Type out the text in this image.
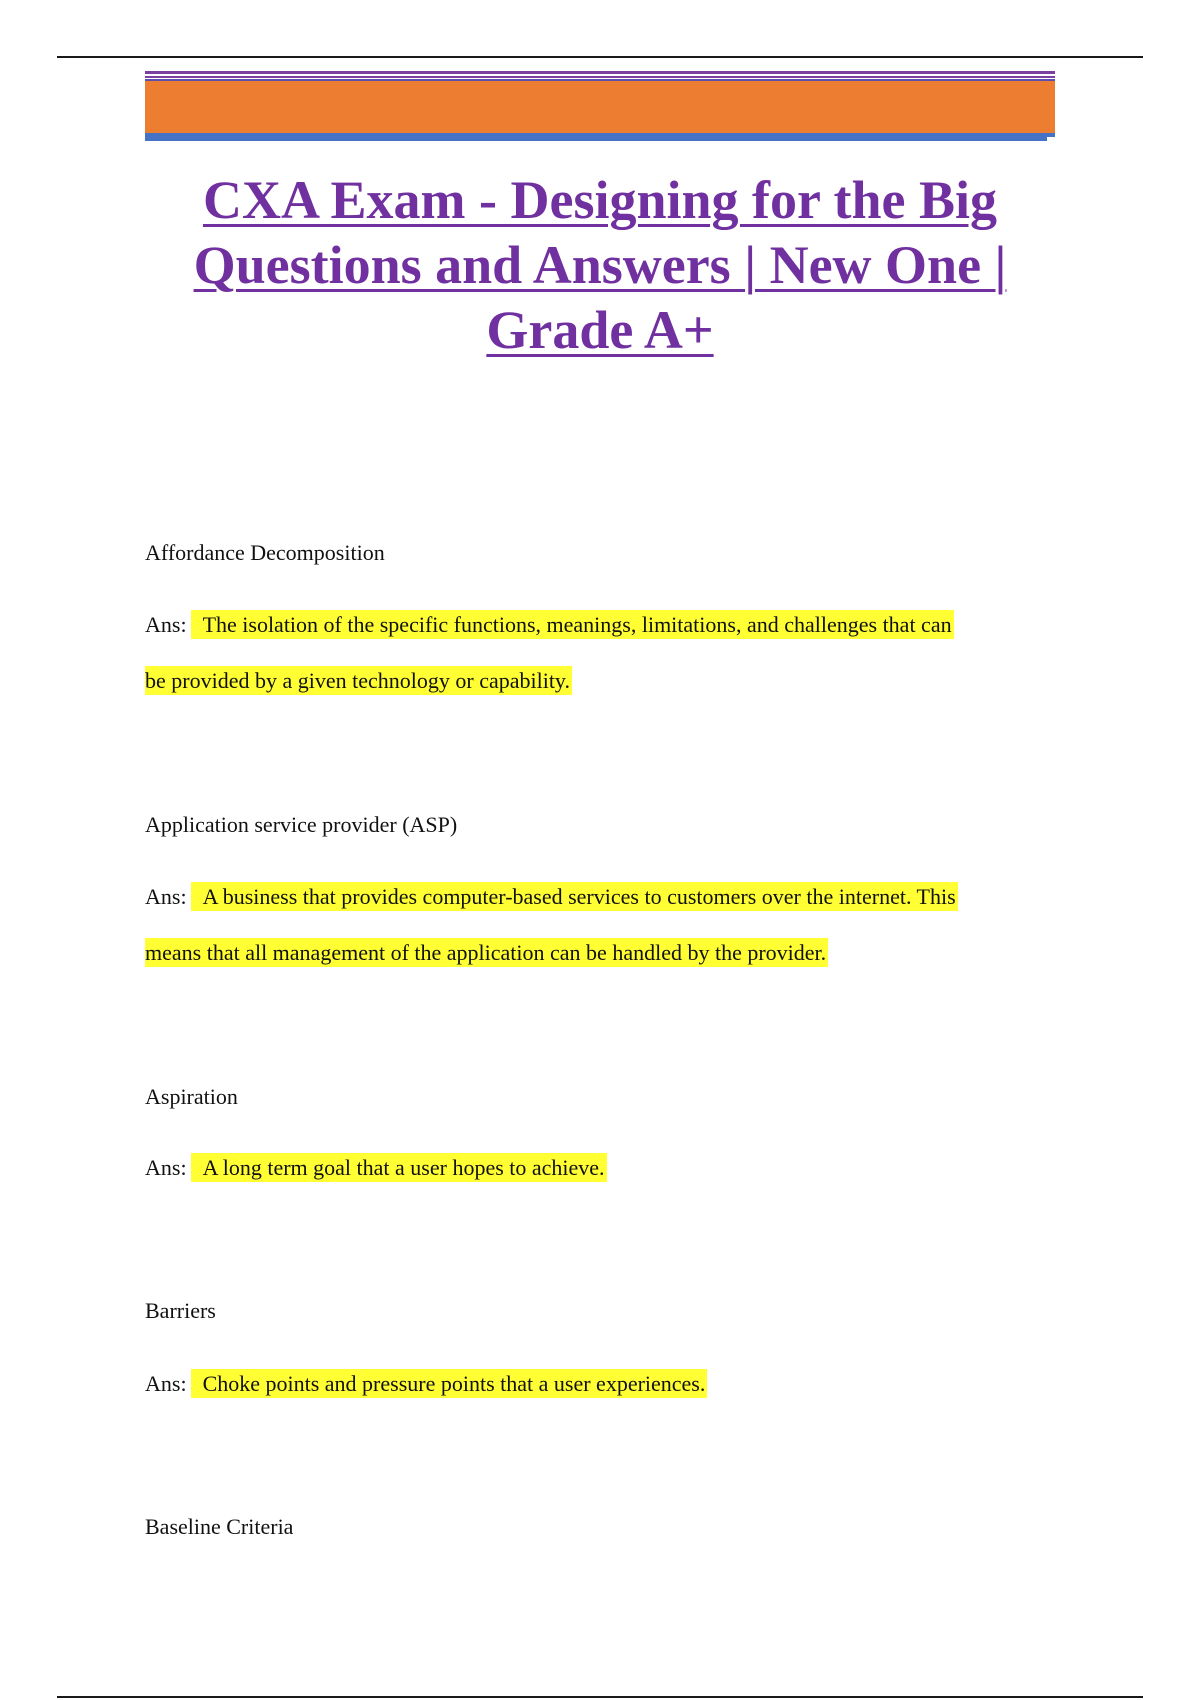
CXA Exam - Designing for the Big Questions and Answers | New One | Grade A+
Affordance Decomposition
Ans: The isolation of the specific functions, meanings, limitations, and challenges that can
be provided by a given technology or capability.
Application service provider (ASP)
Ans: A business that provides computer-based services to customers over the internet. This
means that all management of the application can be handled by the provider.
Aspiration
Ans: A long term goal that a user hopes to achieve.
Barriers
Ans: Choke points and pressure points that a user experiences.
Baseline Criteria
